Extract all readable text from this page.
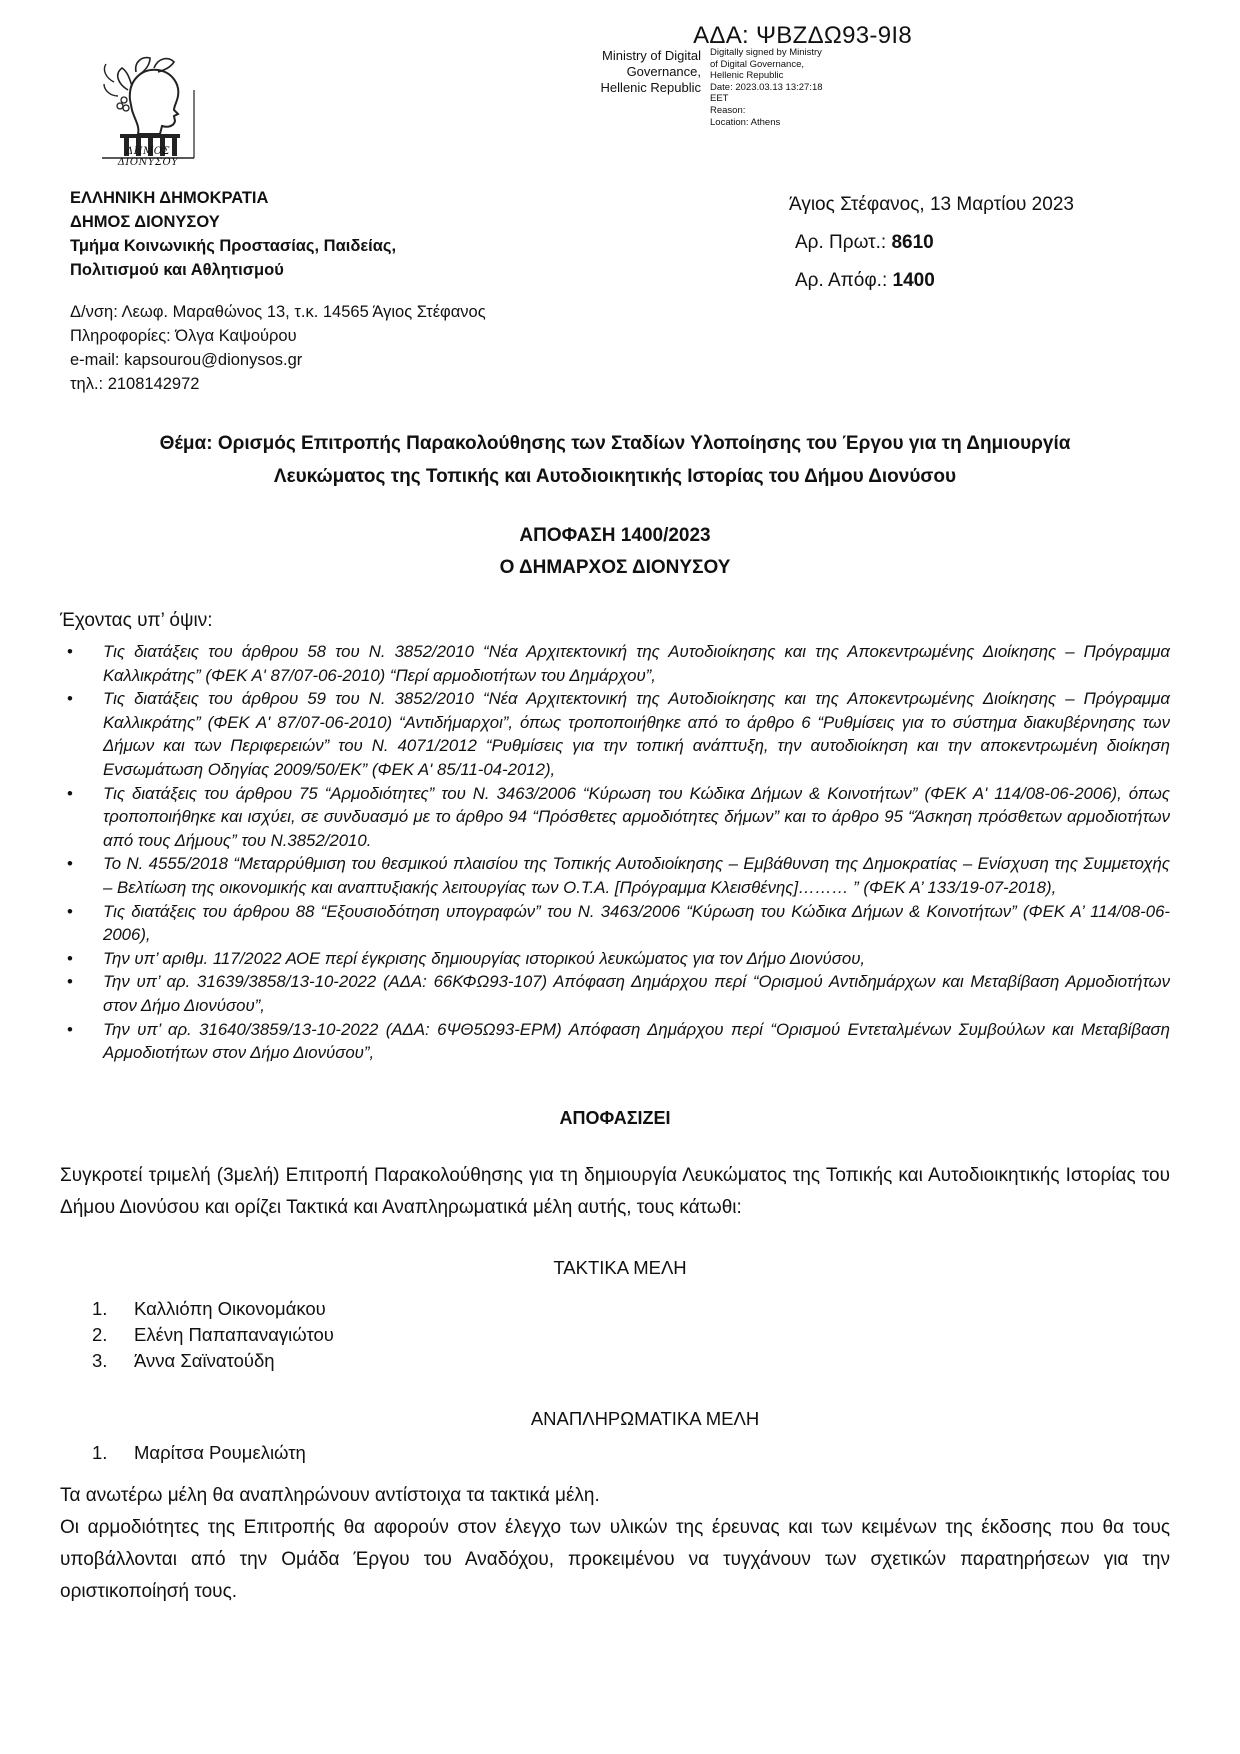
ΑΔΑ: ΨΒΖΔΩ93-9Ι8
Ministry of Digital
Governance,
Hellenic Republic
Digitally signed by Ministry
of Digital Governance,
Hellenic Republic
Date: 2023.03.13 13:27:18
EET
Reason:
Location: Athens
ΔΗΜΟΣ ΔΙΟΝΥΣΟΥ
ΕΛΛΗΝΙΚΗ ΔΗΜΟΚΡΑΤΙΑ
ΔΗΜΟΣ ΔΙΟΝΥΣΟΥ
Τμήμα Κοινωνικής Προστασίας, Παιδείας,
Πολιτισμού και Αθλητισμού
Άγιος Στέφανος, 13 Μαρτίου 2023
Αρ. Πρωτ.: 8610
Αρ. Απόφ.: 1400
Δ/νση: Λεωφ. Μαραθώνος 13, τ.κ. 14565 Άγιος Στέφανος
Πληροφορίες: Όλγα Καψούρου
e-mail: kapsourou@dionysos.gr
τηλ.: 2108142972
Θέμα: Ορισμός Επιτροπής Παρακολούθησης των Σταδίων Υλοποίησης του Έργου για τη Δημιουργία
Λευκώματος της Τοπικής και Αυτοδιοικητικής Ιστορίας του Δήμου Διονύσου
ΑΠΟΦΑΣΗ 1400/2023
Ο ΔΗΜΑΡΧΟΣ ΔΙΟΝΥΣΟΥ
Έχοντας υπ’ όψιν:
• Τις διατάξεις του άρθρου 58 του Ν. 3852/2010 “Νέα Αρχιτεκτονική της Αυτοδιοίκησης και της Αποκεντρωμένης Διοίκησης – Πρόγραμμα Καλλικράτης” (ΦΕΚ Α' 87/07-06-2010) “Περί αρμοδιοτήτων του Δημάρχου”,
• Τις διατάξεις του άρθρου 59 του Ν. 3852/2010 “Νέα Αρχιτεκτονική της Αυτοδιοίκησης και της Αποκεντρωμένης Διοίκησης – Πρόγραμμα Καλλικράτης” (ΦΕΚ Α' 87/07-06-2010) “Αντιδήμαρχοι”, όπως τροποποιήθηκε από το άρθρο 6 “Ρυθμίσεις για το σύστημα διακυβέρνησης των Δήμων και των Περιφερειών” του Ν. 4071/2012 “Ρυθμίσεις για την τοπική ανάπτυξη, την αυτοδιοίκηση και την αποκεντρωμένη διοίκηση Ενσωμάτωση Οδηγίας 2009/50/ΕΚ” (ΦΕΚ Α' 85/11-04-2012),
• Τις διατάξεις του άρθρου 75 “Αρμοδιότητες” του Ν. 3463/2006 “Κύρωση του Κώδικα Δήμων & Κοινοτήτων” (ΦΕΚ Α' 114/08-06-2006), όπως τροποποιήθηκε και ισχύει, σε συνδυασμό με το άρθρο 94 “Πρόσθετες αρμοδιότητες δήμων” και το άρθρο 95 “Άσκηση πρόσθετων αρμοδιοτήτων από τους Δήμους” του Ν.3852/2010.
• Το Ν. 4555/2018 “Μεταρρύθμιση του θεσμικού πλαισίου της Τοπικής Αυτοδιοίκησης – Εμβάθυνση της Δημοκρατίας – Ενίσχυση της Συμμετοχής – Βελτίωση της οικονομικής και αναπτυξιακής λειτουργίας των Ο.Τ.Α. [Πρόγραμμα Κλεισθένης]……… ” (ΦΕΚ Α’ 133/19-07-2018),
• Τις διατάξεις του άρθρου 88 “Εξουσιοδότηση υπογραφών” του Ν. 3463/2006 “Κύρωση του Κώδικα Δήμων & Κοινοτήτων” (ΦΕΚ Α’ 114/08-06-2006),
• Την υπ’ αριθμ. 117/2022 ΑΟΕ περί έγκρισης δημιουργίας ιστορικού λευκώματος για τον Δήμο Διονύσου,
• Την υπ’ αρ. 31639/3858/13-10-2022 (ΑΔΑ: 66ΚΦΩ93-107) Απόφαση Δημάρχου περί “Ορισμού Αντιδημάρχων και Μεταβίβαση Αρμοδιοτήτων στον Δήμο Διονύσου”,
• Την υπ’ αρ. 31640/3859/13-10-2022 (ΑΔΑ: 6ΨΘ5Ω93-ΕΡΜ) Απόφαση Δημάρχου περί “Ορισμού Εντεταλμένων Συμβούλων και Μεταβίβαση Αρμοδιοτήτων στον Δήμο Διονύσου”,
ΑΠΟΦΑΣΙΖΕΙ
Συγκροτεί τριμελή (3μελή) Επιτροπή Παρακολούθησης για τη δημιουργία Λευκώματος της Τοπικής και Αυτοδιοικητικής Ιστορίας του Δήμου Διονύσου και ορίζει Τακτικά και Αναπληρωματικά μέλη αυτής, τους κάτωθι:
ΤΑΚΤΙΚΑ ΜΕΛΗ
1. Καλλιόπη Οικονομάκου
2. Ελένη Παπαπαναγιώτου
3. Άννα Σαϊνατούδη
ΑΝΑΠΛΗΡΩΜΑΤΙΚΑ ΜΕΛΗ
1. Μαρίτσα Ρουμελιώτη

Τα ανωτέρω μέλη θα αναπληρώνουν αντίστοιχα τα τακτικά μέλη.

Οι αρμοδιότητες της Επιτροπής θα αφορούν στον έλεγχο των υλικών της έρευνας και των κειμένων της έκδοσης που θα τους υποβάλλονται από την Ομάδα Έργου του Αναδόχου, προκειμένου να τυγχάνουν των σχετικών παρατηρήσεων για την οριστικοποίησή τους.
